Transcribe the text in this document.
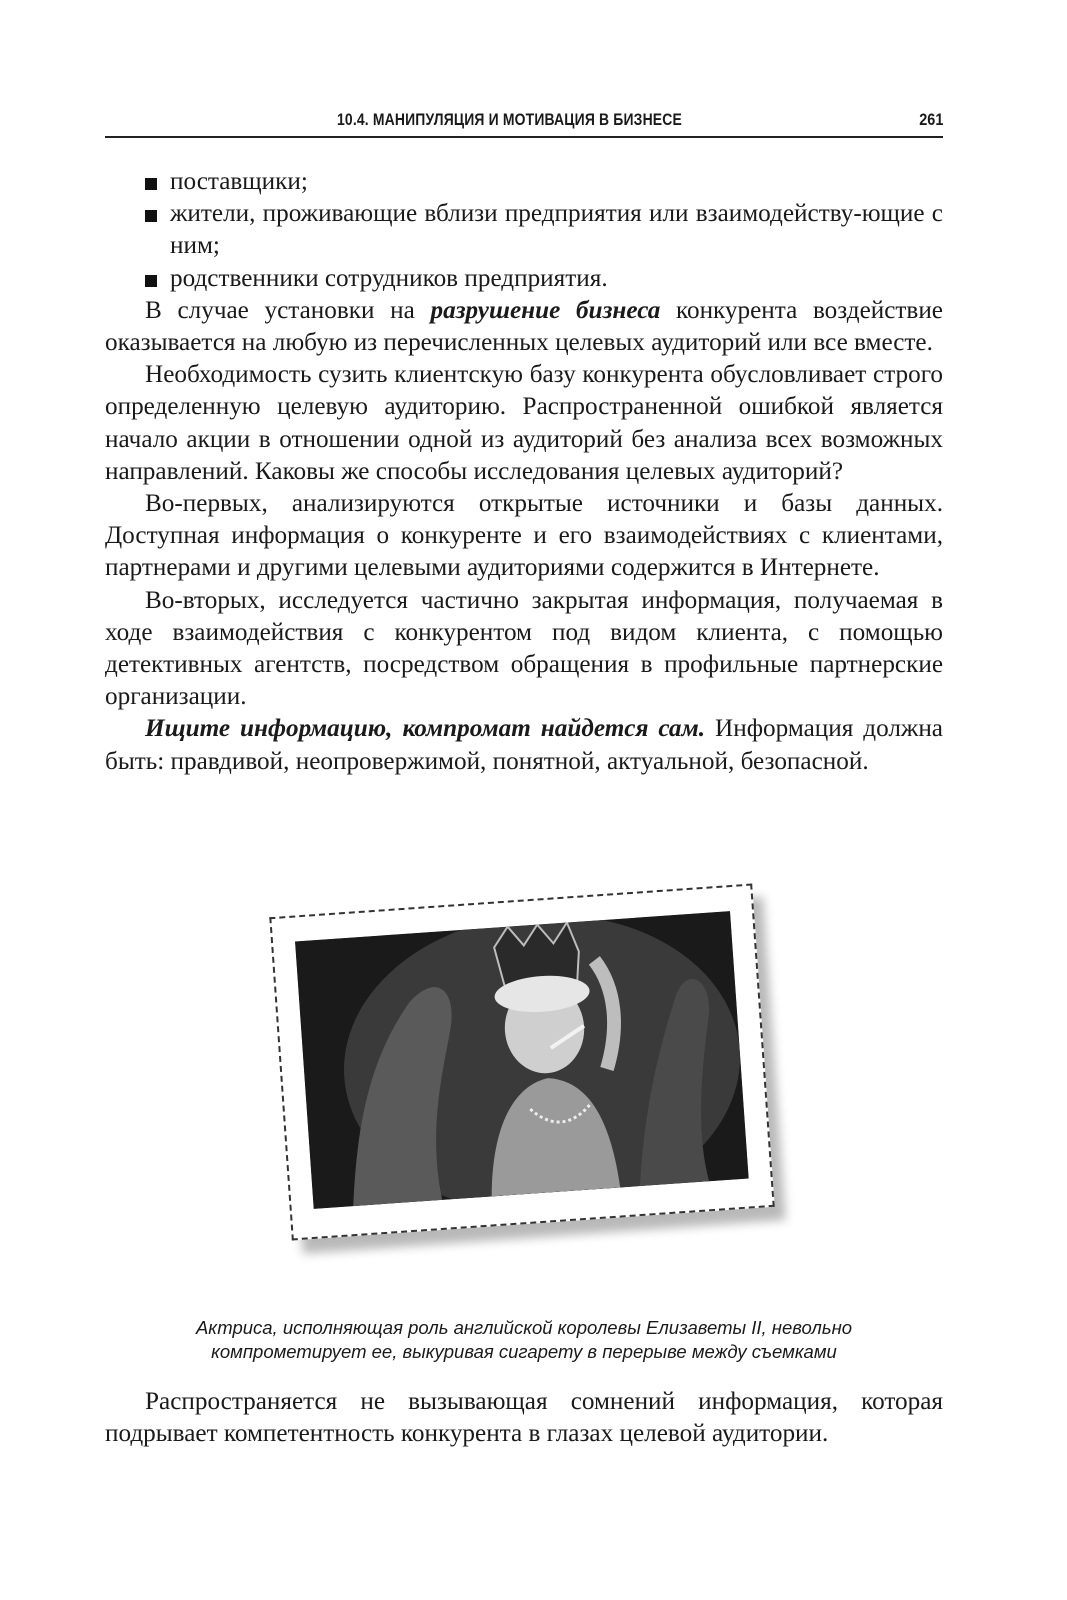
10.4. МАНИПУЛЯЦИЯ И МОТИВАЦИЯ В БИЗНЕСЕ	261
поставщики;
жители, проживающие вблизи предприятия или взаимодейству-ющие с ним;
родственники сотрудников предприятия.

В случае установки на разрушение бизнеса конкурента воздействие оказывается на любую из перечисленных целевых аудиторий или все вместе.

Необходимость сузить клиентскую базу конкурента обусловливает строго определенную целевую аудиторию. Распространенной ошибкой является начало акции в отношении одной из аудиторий без анализа всех возможных направлений. Каковы же способы исследования целевых аудиторий?

Во-первых, анализируются открытые источники и базы данных. Доступная информация о конкуренте и его взаимодействиях с клиентами, партнерами и другими целевыми аудиториями содержится в Интернете.

Во-вторых, исследуется частично закрытая информация, получаемая в ходе взаимодействия с конкурентом под видом клиента, с помощью детективных агентств, посредством обращения в профильные партнерские организации.

Ищите информацию, компромат найдется сам. Информация должна быть: правдивой, неопровержимой, понятной, актуальной, безопасной.

Актриса, исполняющая роль английской королевы Елизаветы II, невольно
компрометирует ее, выкуривая сигарету в перерыве между съемками

Распространяется не вызывающая сомнений информация, которая подрывает компетентность конкурента в глазах целевой аудитории.
